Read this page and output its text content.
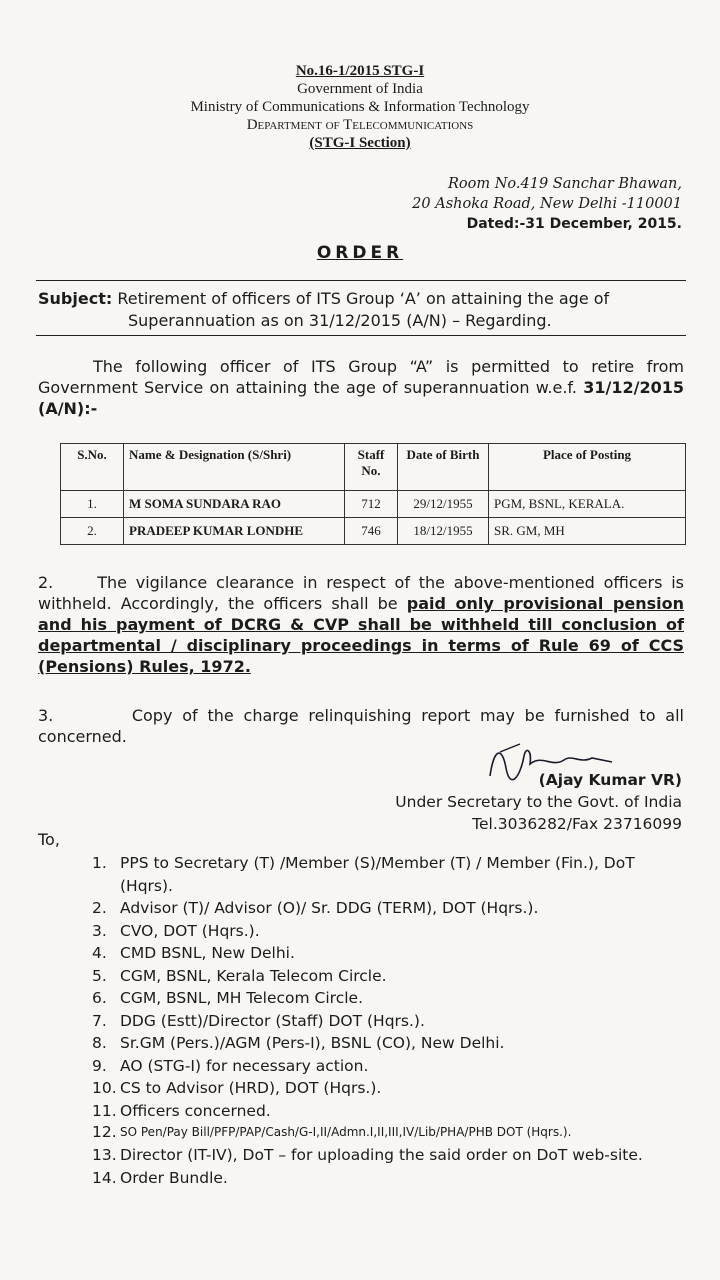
No.16-1/2015 STG-I
Government of India
Ministry of Communications & Information Technology
Department of Telecommunications
(STG-I Section)
Room No.419 Sanchar Bhawan,
20 Ashoka Road, New Delhi -110001
Dated:-31 December, 2015.
ORDER
Subject: Retirement of officers of ITS Group ‘A’ on attaining the age of
Superannuation as on 31/12/2015 (A/N) – Regarding.
The following officer of ITS Group “A” is permitted to retire from Government Service on attaining the age of superannuation w.e.f. 31/12/2015 (A/N):-
S.No.	Name & Designation (S/Shri)	Staff No.	Date of Birth	Place of Posting
1.	M SOMA SUNDARA RAO	712	29/12/1955	PGM, BSNL, KERALA.
2.	PRADEEP KUMAR LONDHE	746	18/12/1955	SR. GM, MH
2.	The vigilance clearance in respect of the above-mentioned officers is withheld. Accordingly, the officers shall be paid only provisional pension and his payment of DCRG & CVP shall be withheld till conclusion of departmental / disciplinary proceedings in terms of Rule 69 of CCS (Pensions) Rules, 1972.
3.	Copy of the charge relinquishing report may be furnished to all concerned.
(Ajay Kumar VR)
Under Secretary to the Govt. of India
Tel.3036282/Fax 23716099
To,
1. PPS to Secretary (T) /Member (S)/Member (T) / Member (Fin.), DoT (Hqrs).
2. Advisor (T)/ Advisor (O)/ Sr. DDG (TERM), DOT (Hqrs.).
3. CVO, DOT (Hqrs.).
4. CMD BSNL, New Delhi.
5. CGM, BSNL, Kerala Telecom Circle.
6. CGM, BSNL, MH Telecom Circle.
7. DDG (Estt)/Director (Staff) DOT (Hqrs.).
8. Sr.GM (Pers.)/AGM (Pers-I), BSNL (CO), New Delhi.
9. AO (STG-I) for necessary action.
10. CS to Advisor (HRD), DOT (Hqrs.).
11. Officers concerned.
12. SO Pen/Pay Bill/PFP/PAP/Cash/G-I,II/Admn.I,II,III,IV/Lib/PHA/PHB DOT (Hqrs.).
13. Director (IT-IV), DoT – for uploading the said order on DoT web-site.
14. Order Bundle.
